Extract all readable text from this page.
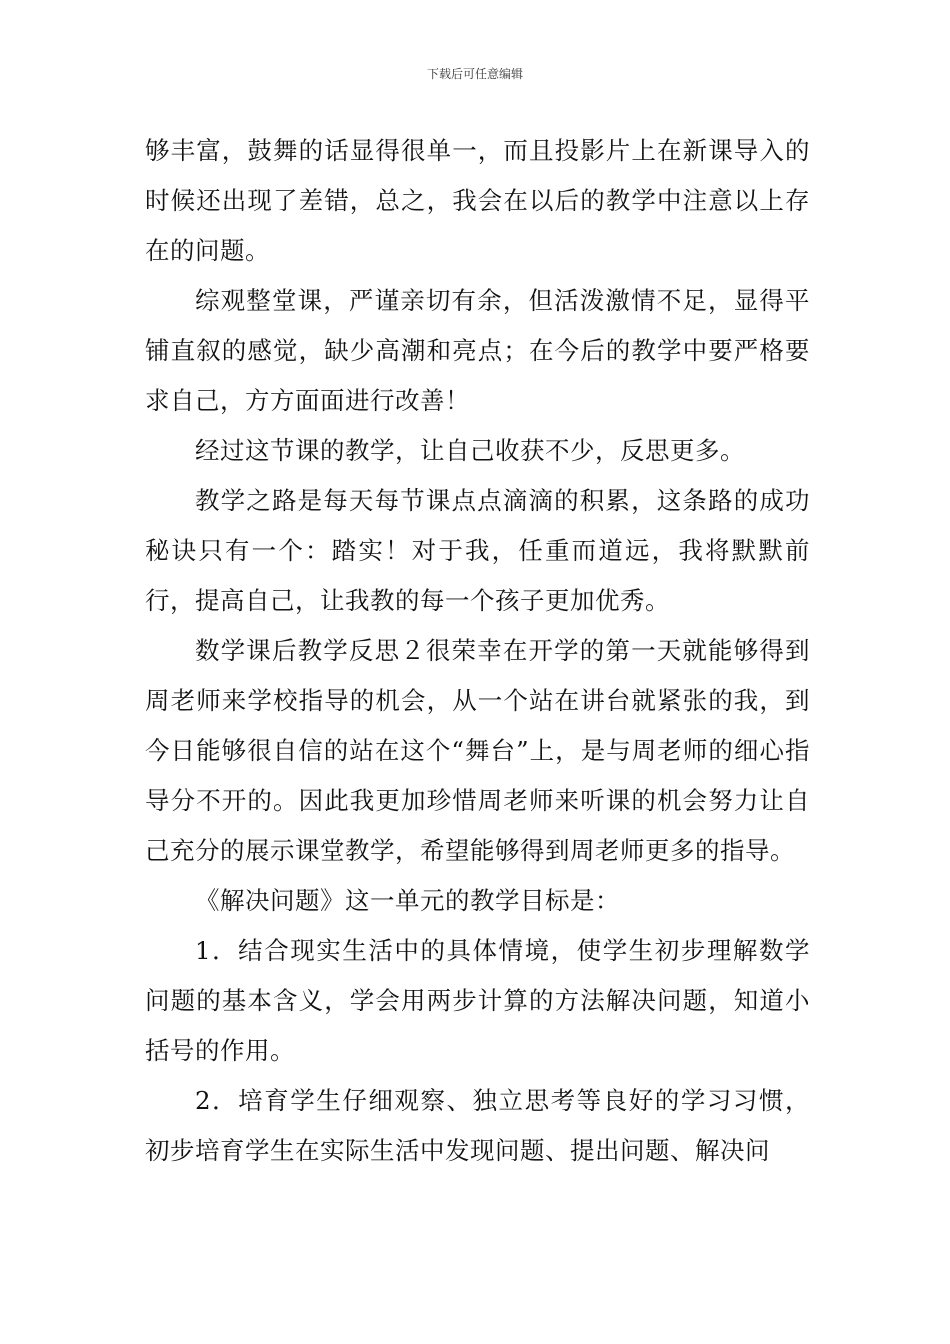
下载后可任意编辑

够丰富，鼓舞的话显得很单一，而且投影片上在新课导入的时候还出现了差错，总之，我会在以后的教学中注意以上存在的问题。

综观整堂课，严谨亲切有余，但活泼激情不足，显得平铺直叙的感觉，缺少高潮和亮点；在今后的教学中要严格要求自己，方方面面进行改善！

经过这节课的教学，让自己收获不少，反思更多。

教学之路是每天每节课点点滴滴的积累，这条路的成功秘诀只有一个：踏实！对于我，任重而道远，我将默默前行，提高自己，让我教的每一个孩子更加优秀。

数学课后教学反思２很荣幸在开学的第一天就能够得到周老师来学校指导的机会，从一个站在讲台就紧张的我，到今日能够很自信的站在这个“舞台”上，是与周老师的细心指导分不开的。因此我更加珍惜周老师来听课的机会努力让自己充分的展示课堂教学，希望能够得到周老师更多的指导。

《解决问题》这一单元的教学目标是：

1．结合现实生活中的具体情境，使学生初步理解数学问题的基本含义，学会用两步计算的方法解决问题，知道小括号的作用。

2．培育学生仔细观察、独立思考等良好的学习习惯，初步培育学生在实际生活中发现问题、提出问题、解决问
